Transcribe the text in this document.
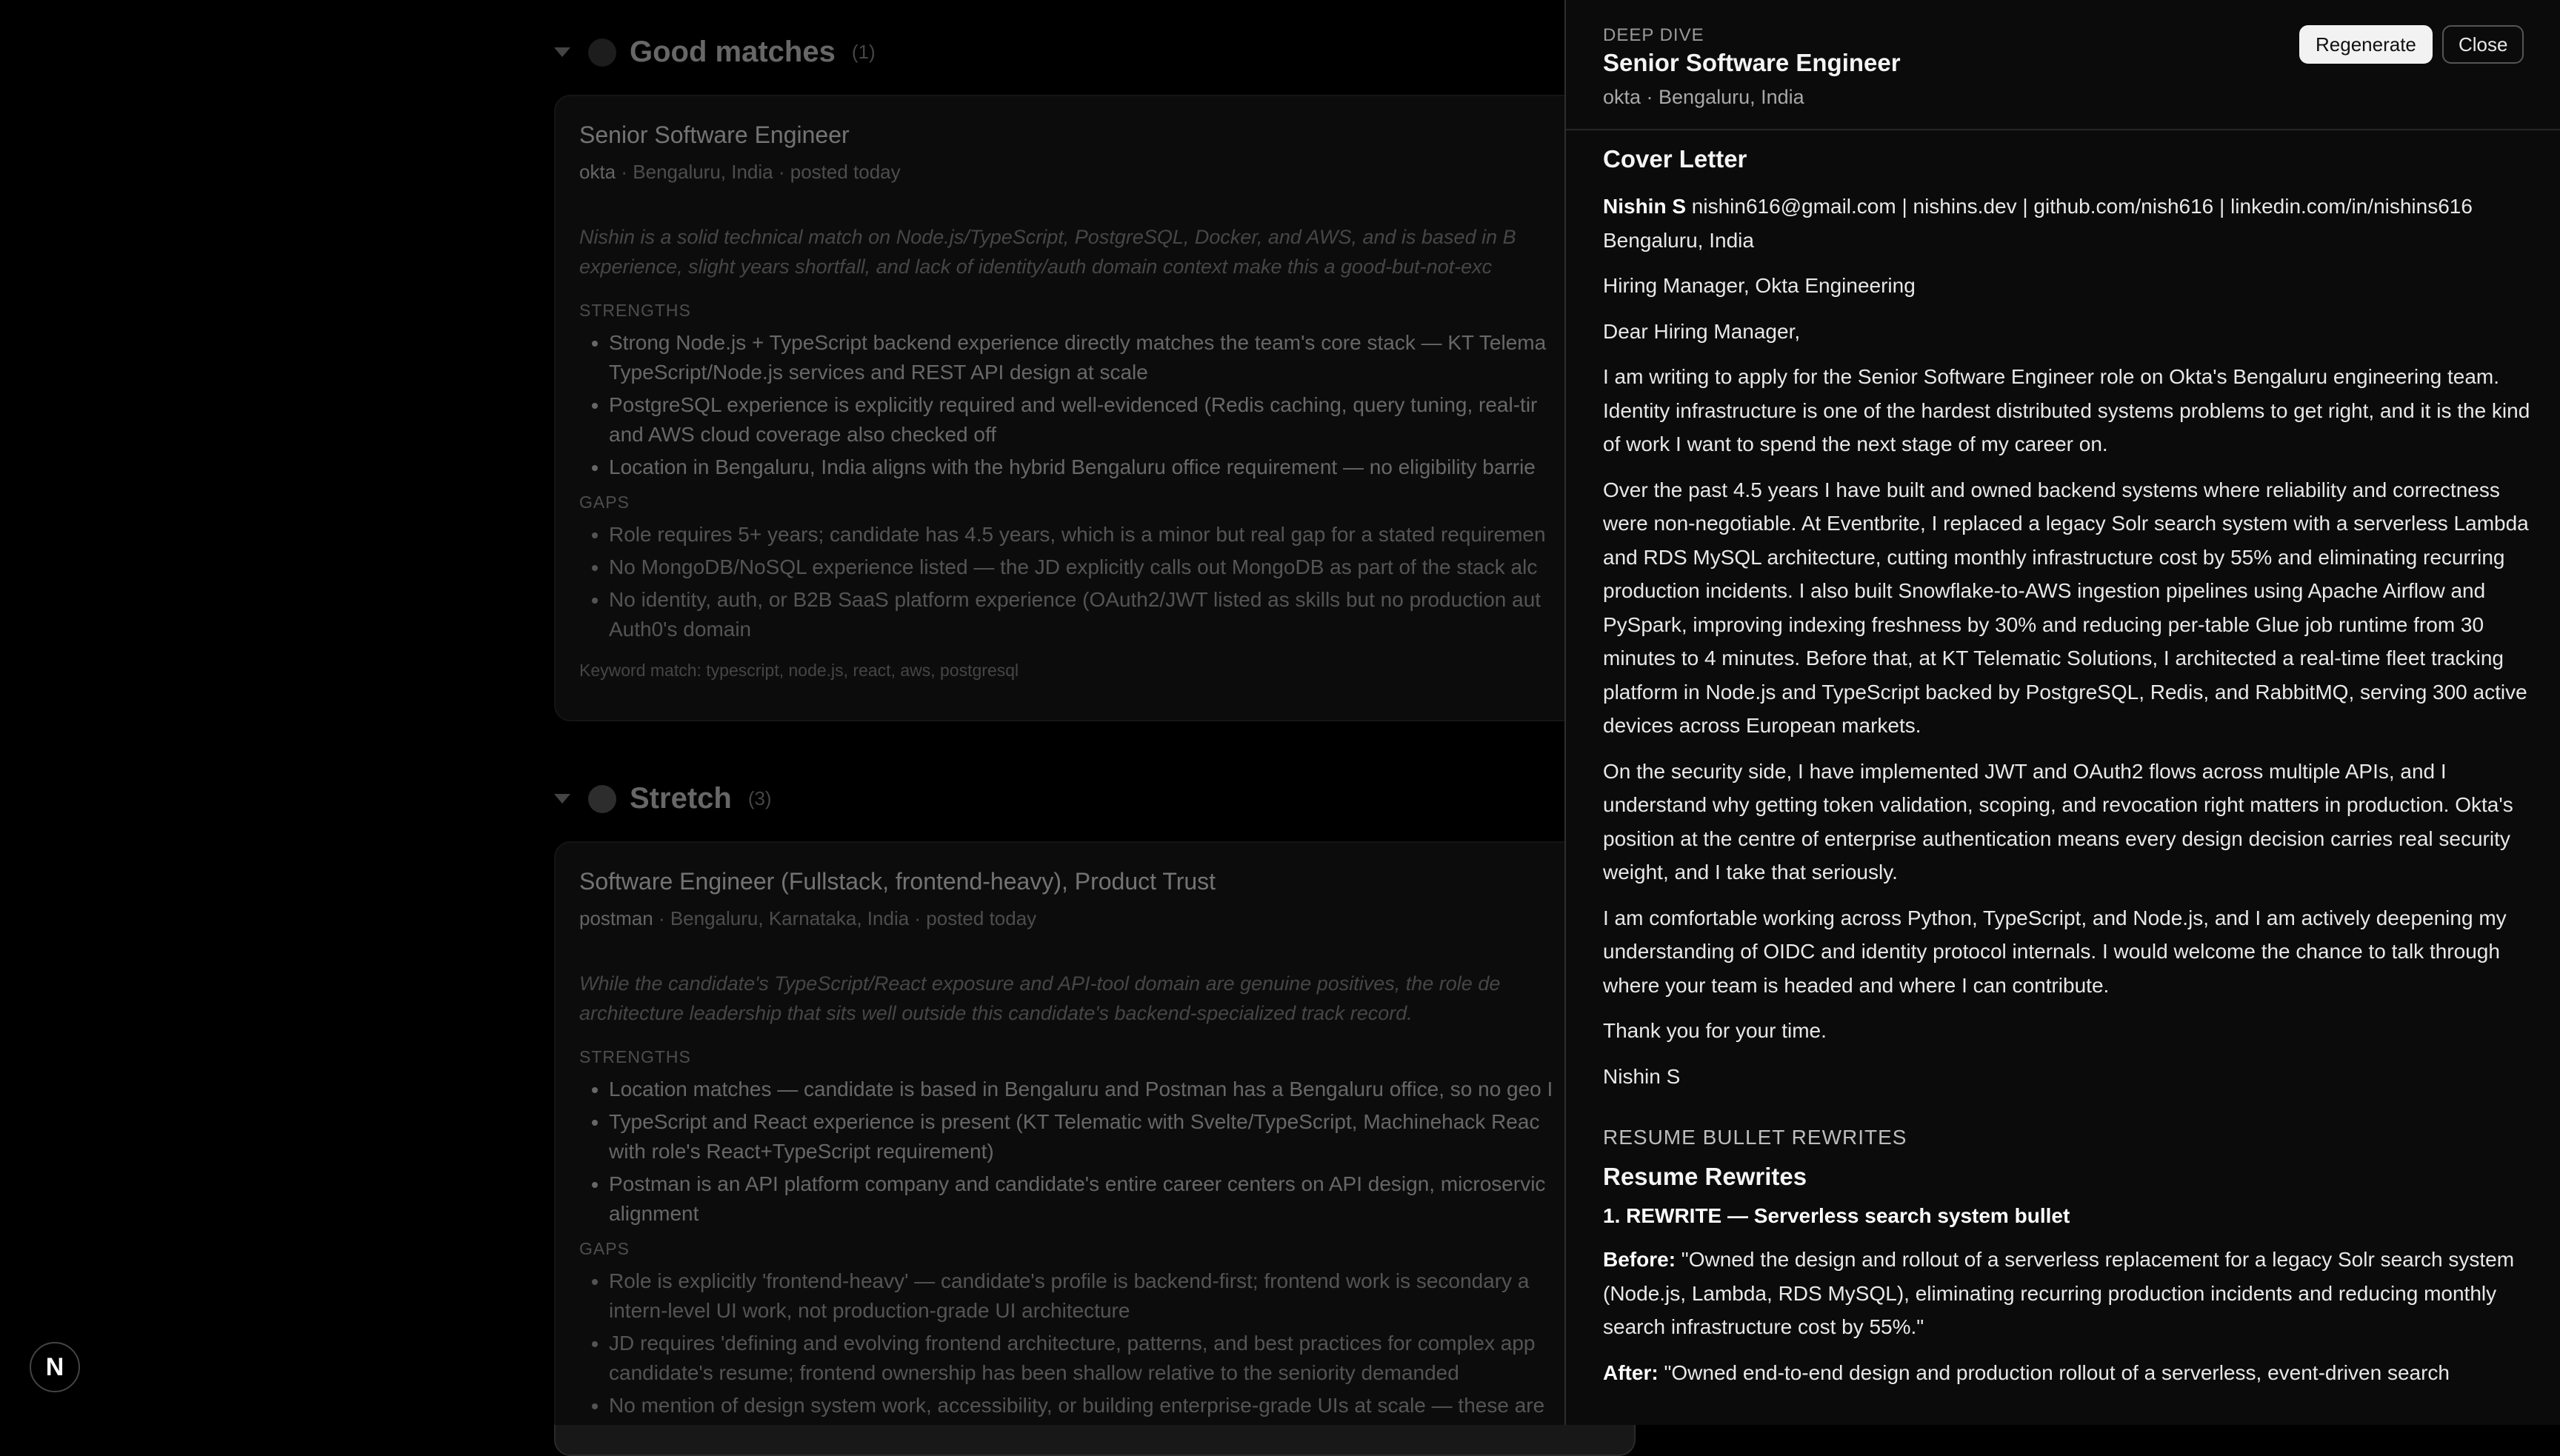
•
•
•
•
•
•
•
•
•
•
•
•
N
DEEP DIVE
Senior Software Engineer
okta · Bengaluru, India
Regenerate	Close
Cover Letter

Nishin S nishin616@gmail.com | nishins.dev | github.com/nish616 | linkedin.com/in/nishins616
Bengaluru, India

Hiring Manager, Okta Engineering

Dear Hiring Manager,

I am writing to apply for the Senior Software Engineer role on Okta's Bengaluru engineering team. Identity infrastructure is one of the hardest distributed systems problems to get right, and it is the kind of work I want to spend the next stage of my career on.

Over the past 4.5 years I have built and owned backend systems where reliability and correctness were non-negotiable. At Eventbrite, I replaced a legacy Solr search system with a serverless Lambda and RDS MySQL architecture, cutting monthly infrastructure cost by 55% and eliminating recurring production incidents. I also built Snowflake-to-AWS ingestion pipelines using Apache Airflow and PySpark, improving indexing freshness by 30% and reducing per-table Glue job runtime from 30 minutes to 4 minutes. Before that, at KT Telematic Solutions, I architected a real-time fleet tracking platform in Node.js and TypeScript backed by PostgreSQL, Redis, and RabbitMQ, serving 300 active devices across European markets.

On the security side, I have implemented JWT and OAuth2 flows across multiple APIs, and I understand why getting token validation, scoping, and revocation right matters in production. Okta's position at the centre of enterprise authentication means every design decision carries real security weight, and I take that seriously.

I am comfortable working across Python, TypeScript, and Node.js, and I am actively deepening my understanding of OIDC and identity protocol internals. I would welcome the chance to talk through where your team is headed and where I can contribute.

Thank you for your time.

Nishin S

RESUME BULLET REWRITES
Resume Rewrites
1. REWRITE — Serverless search system bullet

Before: "Owned the design and rollout of a serverless replacement for a legacy Solr search system (Node.js, Lambda, RDS MySQL), eliminating recurring production incidents and reducing monthly search infrastructure cost by 55%."

After: "Owned end-to-end design and production rollout of a serverless, event-driven search
